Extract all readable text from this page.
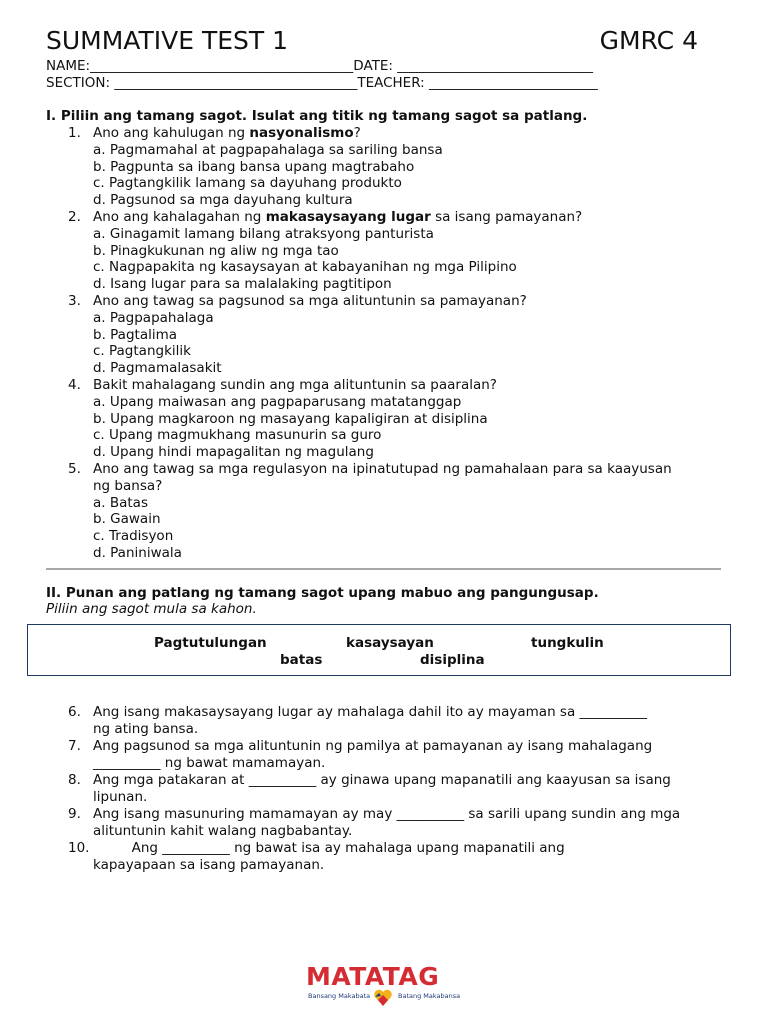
SUMMATIVE TEST 1	GMRC 4
NAME:_______________________________________DATE: _____________________________
SECTION: ____________________________________TEACHER: _________________________
I. Piliin ang tamang sagot. Isulat ang titik ng tamang sagot sa patlang.
1. Ano ang kahulugan ng nasyonalismo?
a. Pagmamahal at pagpapahalaga sa sariling bansa
b. Pagpunta sa ibang bansa upang magtrabaho
c. Pagtangkilik lamang sa dayuhang produkto
d. Pagsunod sa mga dayuhang kultura
2. Ano ang kahalagahan ng makasaysayang lugar sa isang pamayanan?
a. Ginagamit lamang bilang atraksyong panturista
b. Pinagkukunan ng aliw ng mga tao
c. Nagpapakita ng kasaysayan at kabayanihan ng mga Pilipino
d. Isang lugar para sa malalaking pagtitipon
3. Ano ang tawag sa pagsunod sa mga alituntunin sa pamayanan?
a. Pagpapahalaga
b. Pagtalima
c. Pagtangkilik
d. Pagmamalasakit
4. Bakit mahalagang sundin ang mga alituntunin sa paaralan?
a. Upang maiwasan ang pagpaparusang matatanggap
b. Upang magkaroon ng masayang kapaligiran at disiplina
c. Upang magmukhang masunurin sa guro
d. Upang hindi mapagalitan ng magulang
5. Ano ang tawag sa mga regulasyon na ipinatutupad ng pamahalaan para sa kaayusan ng bansa?
a. Batas
b. Gawain
c. Tradisyon
d. Paniniwala
II. Punan ang patlang ng tamang sagot upang mabuo ang pangungusap.
Piliin ang sagot mula sa kahon.
Pagtutulungan	kasaysayan	tungkulin
batas	disiplina
6. Ang isang makasaysayang lugar ay mahalaga dahil ito ay mayaman sa __________ ng ating bansa.
7. Ang pagsunod sa mga alituntunin ng pamilya at pamayanan ay isang mahalagang __________ ng bawat mamamayan.
8. Ang mga patakaran at __________ ay ginawa upang mapanatili ang kaayusan sa isang lipunan.
9. Ang isang masunuring mamamayan ay may __________ sa sarili upang sundin ang mga alituntunin kahit walang nagbabantay.
10. Ang __________ ng bawat isa ay mahalaga upang mapanatili ang kapayapaan sa isang pamayanan.
MATATAG
Bansang Makabata	Batang Makabansa
